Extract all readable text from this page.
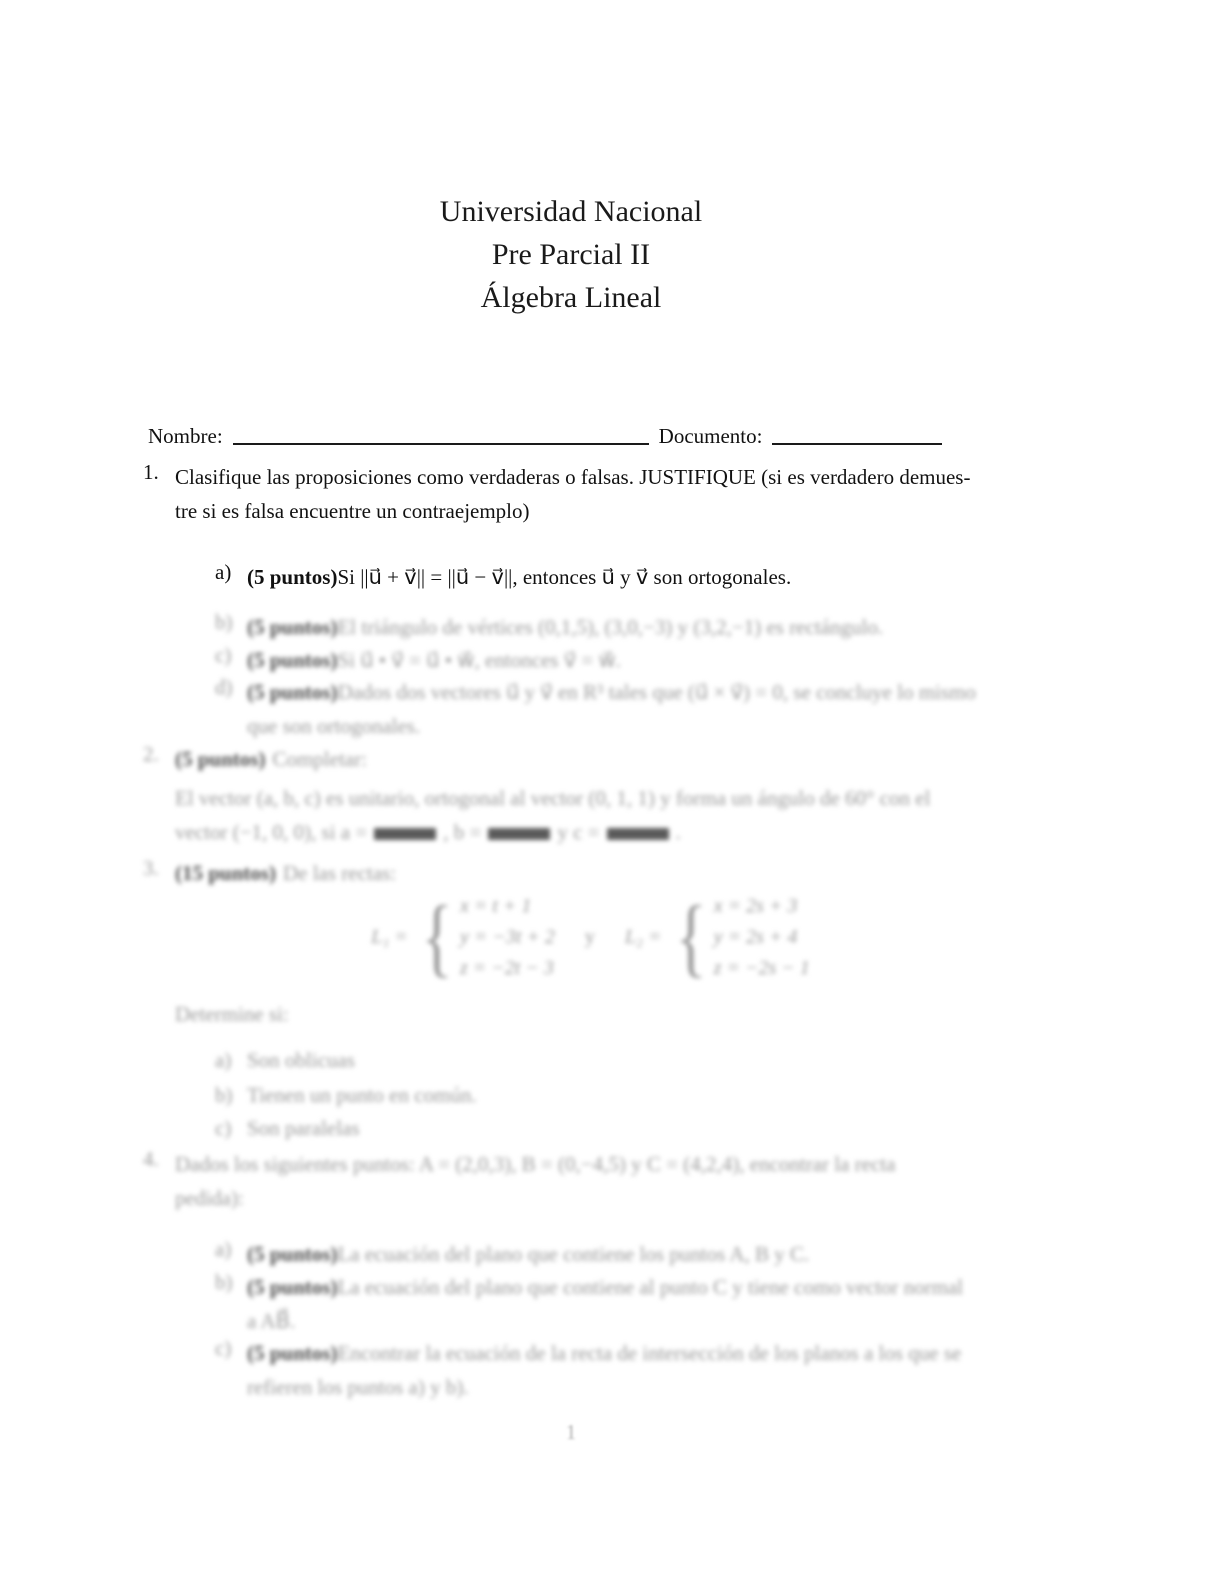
Universidad Nacional
Pre Parcial II
Álgebra Lineal
Nombre:	Documento:
1. Clasifique las proposiciones como verdaderas o falsas. JUSTIFIQUE (si es verdadero demues-
tre si es falsa encuentre un contraejemplo)
a) (5 puntos)Si ||u⃗ + v⃗|| = ||u⃗ − v⃗||, entonces u⃗ y v⃗ son ortogonales.
b) (5 puntos)El triángulo de vértices (0,1,5), (3,0,−3) y (3,2,−1) es rectángulo.
c) (5 puntos)Si u⃗ • v⃗ = u⃗ • w⃗, entonces v⃗ = w⃗.
d) (5 puntos)Dados dos vectores u⃗ y v⃗ en R³ tales que (u⃗ × v⃗) = 0, se concluye lo mismo
que son ortogonales.
2. (5 puntos) Completar:
El vector (a, b, c) es unitario, ortogonal al vector (0, 1, 1) y forma un ángulo de 60° con el
vector (−1, 0, 0), si a =	, b =	y c =	.
3. (15 puntos) De las rectas:
L₁ = { x = t + 1
y = −3t + 2
z = −2t − 3
y L₂ = { x = 2s + 3
y = 2s + 4
z = −2s − 1
Determine si:
a) Son oblicuas
b) Tienen un punto en común.
c) Son paralelas
4. Dados los siguientes puntos: A = (2,0,3), B = (0,−4,5) y C = (4,2,4), encontrar la recta
pedida):
a) (5 puntos)La ecuación del plano que contiene los puntos A, B y C.
b) (5 puntos)La ecuación del plano que contiene al punto C y tiene como vector normal
a AB⃗.
c) (5 puntos)Encontrar la ecuación de la recta de intersección de los planos a los que se
refieren los puntos a) y b).
1
